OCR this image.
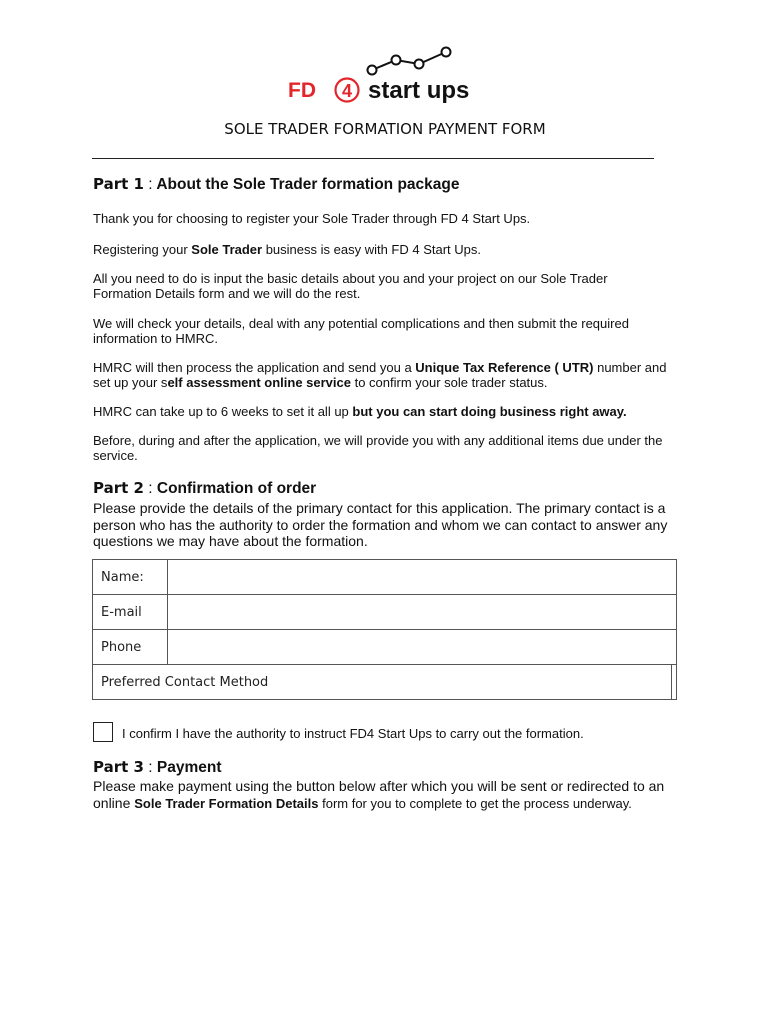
FD 4 start ups
SOLE TRADER FORMATION PAYMENT FORM
Part 1 : About the Sole Trader formation package
Thank you for choosing to register your Sole Trader through FD 4 Start Ups.
Registering your Sole Trader business is easy with FD 4 Start Ups.
All you need to do is input the basic details about you and your project on our Sole Trader Formation Details form and we will do the rest.
We will check your details, deal with any potential complications and then submit the required information to HMRC.
HMRC will then process the application and send you a Unique Tax Reference ( UTR) number and set up your self assessment online service to confirm your sole trader status.
HMRC can take up to 6 weeks to set it all up but you can start doing business right away.
Before, during and after the application, we will provide you with any additional items due under the service.
Part 2 : Confirmation of order
Please provide the details of the primary contact for this application. The primary contact is a person who has the authority to order the formation and whom we can contact to answer any questions we may have about the formation.
Name:		
E-mail		
Phone		
Preferred Contact Method		
I confirm I have the authority to instruct FD4 Start Ups to carry out the formation.
Part 3 : Payment
Please make payment using the button below after which you will be sent or redirected to an online Sole Trader Formation Details form for you to complete to get the process underway.
